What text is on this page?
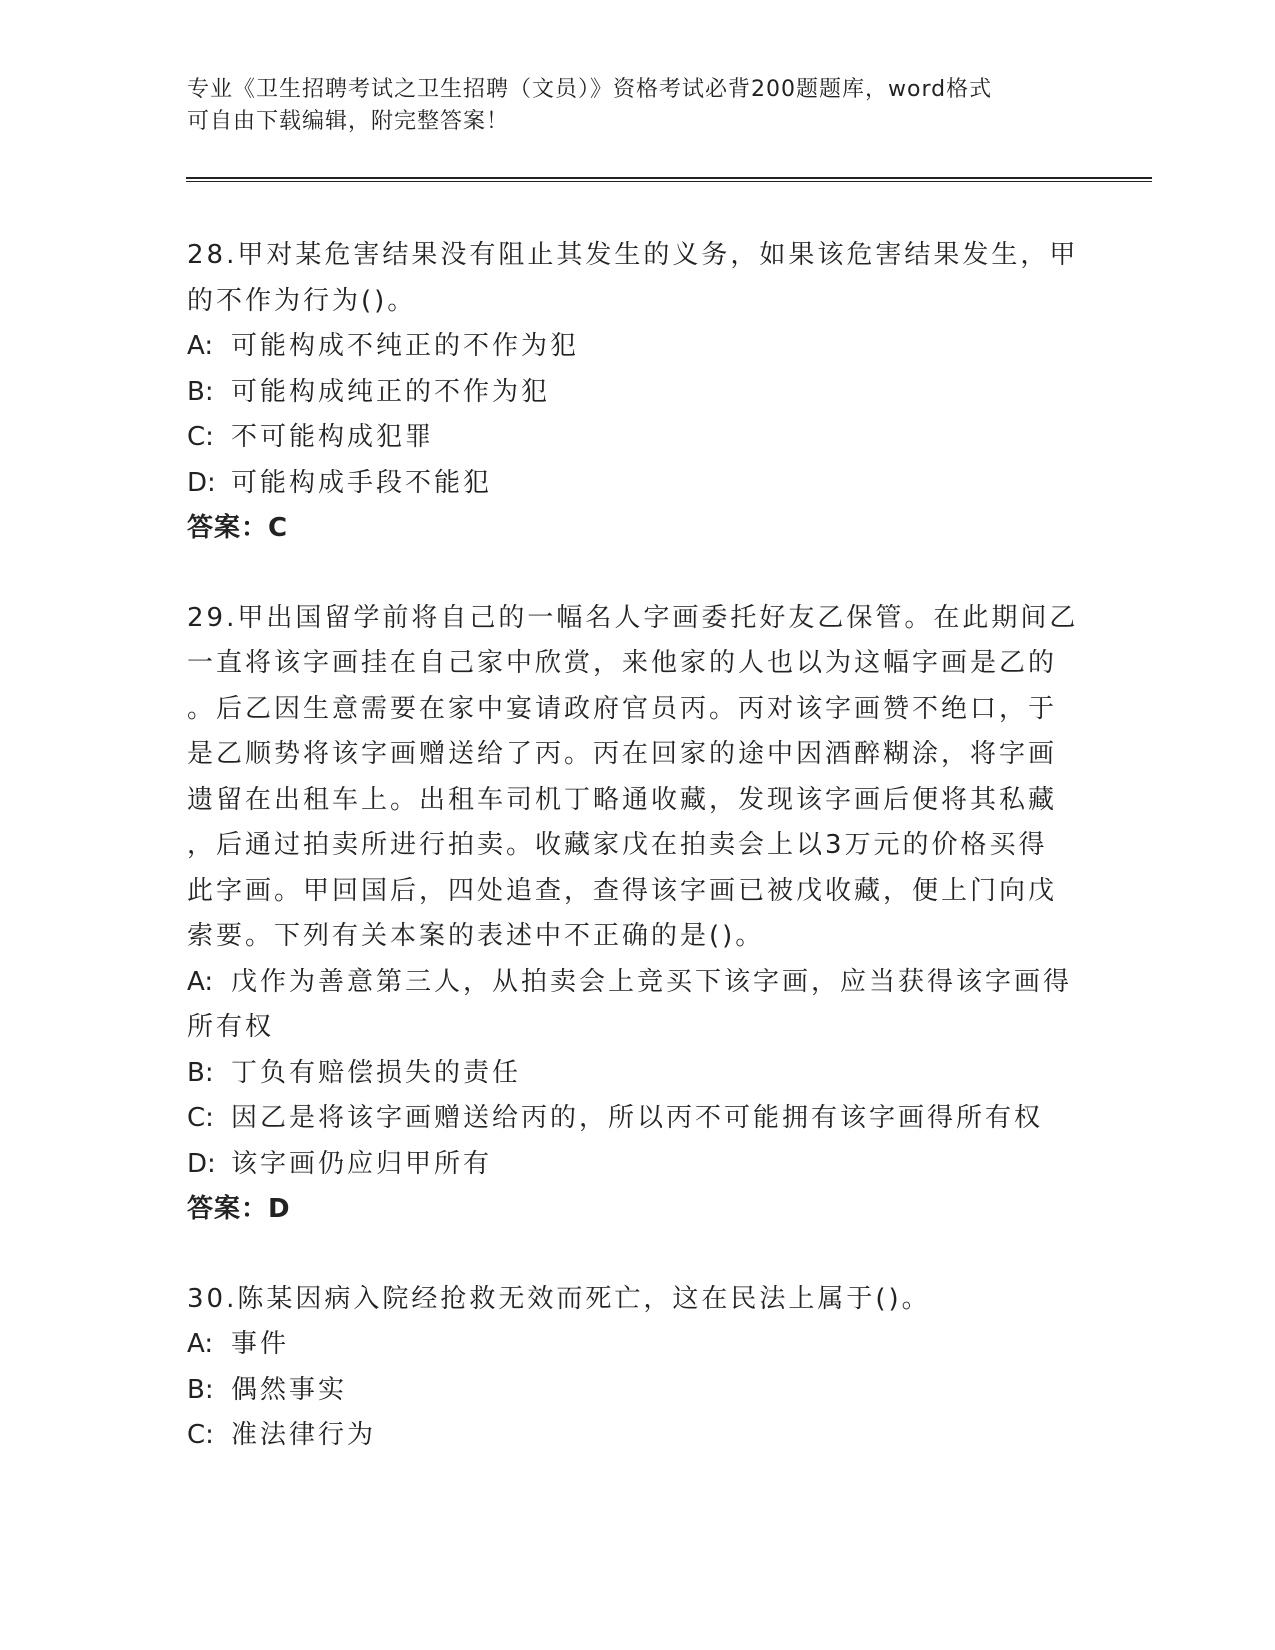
专业《卫生招聘考试之卫生招聘（文员）》资格考试必背200题题库，word格式
可自由下载编辑，附完整答案！
28.甲对某危害结果没有阻止其发生的义务，如果该危害结果发生，甲
的不作为行为()。
A: 可能构成不纯正的不作为犯
B: 可能构成纯正的不作为犯
C: 不可能构成犯罪
D: 可能构成手段不能犯
答案：C
29.甲出国留学前将自己的一幅名人字画委托好友乙保管。在此期间乙
一直将该字画挂在自己家中欣赏，来他家的人也以为这幅字画是乙的
。后乙因生意需要在家中宴请政府官员丙。丙对该字画赞不绝口，于
是乙顺势将该字画赠送给了丙。丙在回家的途中因酒醉糊涂，将字画
遗留在出租车上。出租车司机丁略通收藏，发现该字画后便将其私藏
，后通过拍卖所进行拍卖。收藏家戊在拍卖会上以3万元的价格买得
此字画。甲回国后，四处追查，查得该字画已被戊收藏，便上门向戊
索要。下列有关本案的表述中不正确的是()。
A: 戊作为善意第三人，从拍卖会上竞买下该字画，应当获得该字画得
所有权
B: 丁负有赔偿损失的责任
C: 因乙是将该字画赠送给丙的，所以丙不可能拥有该字画得所有权
D: 该字画仍应归甲所有
答案：D
30.陈某因病入院经抢救无效而死亡，这在民法上属于()。
A: 事件
B: 偶然事实
C: 准法律行为
